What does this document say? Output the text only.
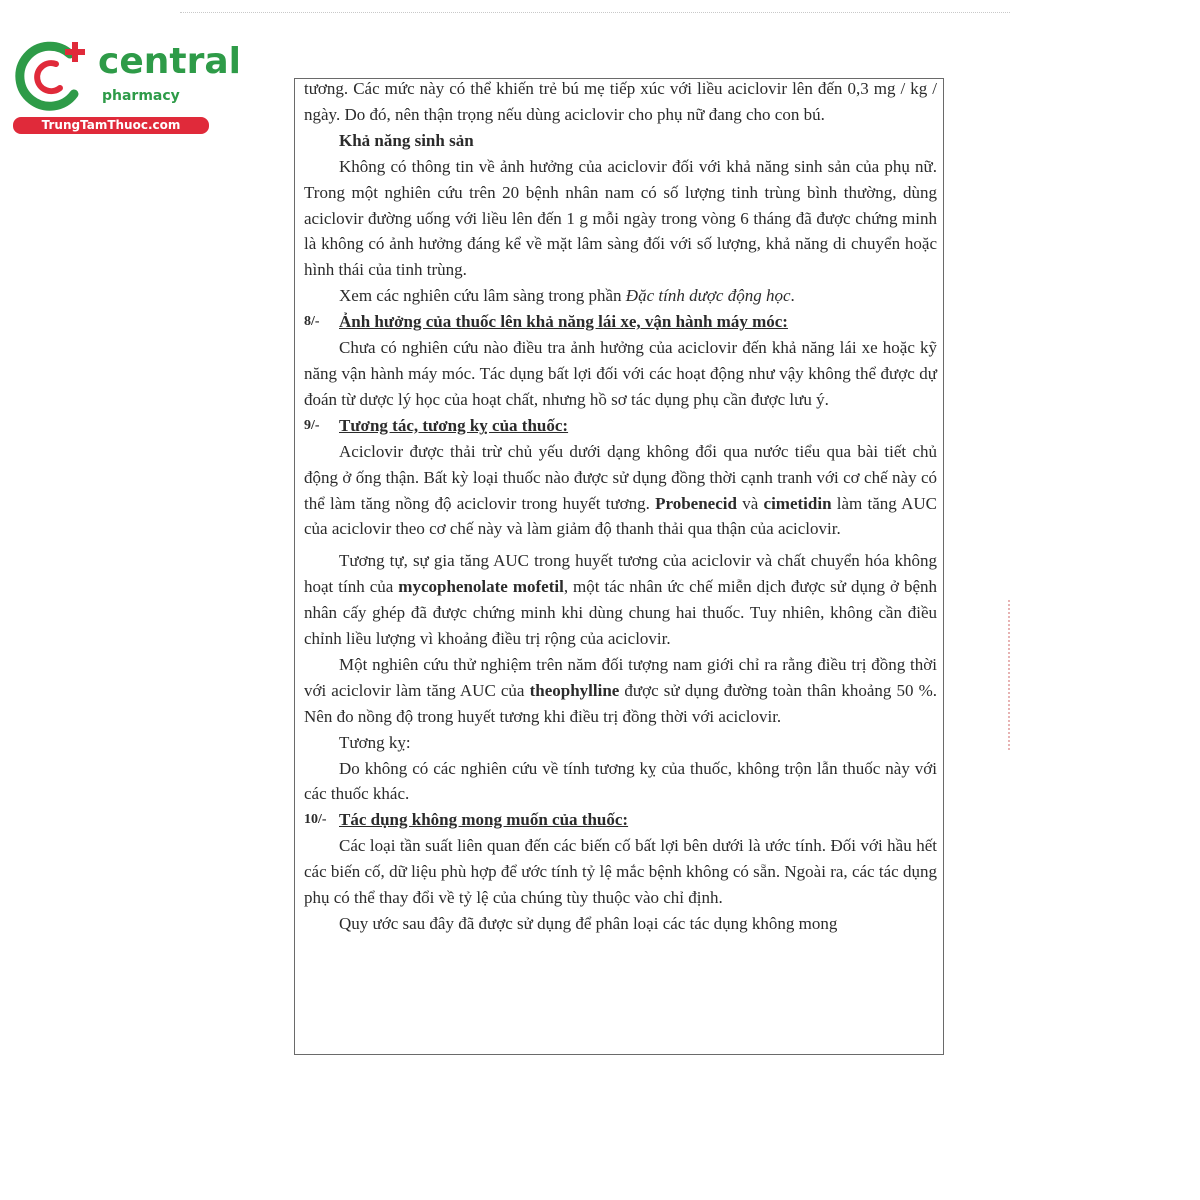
central
pharmacy
TrungTamThuoc.com

tương. Các mức này có thể khiến trẻ bú mẹ tiếp xúc với liều aciclovir lên đến 0,3 mg / kg / ngày. Do đó, nên thận trọng nếu dùng aciclovir cho phụ nữ đang cho con bú.

Khả năng sinh sản

Không có thông tin về ảnh hưởng của aciclovir đối với khả năng sinh sản của phụ nữ. Trong một nghiên cứu trên 20 bệnh nhân nam có số lượng tinh trùng bình thường, dùng aciclovir đường uống với liều lên đến 1 g mỗi ngày trong vòng 6 tháng đã được chứng minh là không có ảnh hưởng đáng kể về mặt lâm sàng đối với số lượng, khả năng di chuyển hoặc hình thái của tinh trùng.

Xem các nghiên cứu lâm sàng trong phần Đặc tính dược động học.

8/- Ảnh hưởng của thuốc lên khả năng lái xe, vận hành máy móc:

Chưa có nghiên cứu nào điều tra ảnh hưởng của aciclovir đến khả năng lái xe hoặc kỹ năng vận hành máy móc. Tác dụng bất lợi đối với các hoạt động như vậy không thể được dự đoán từ dược lý học của hoạt chất, nhưng hồ sơ tác dụng phụ cần được lưu ý.

9/- Tương tác, tương kỵ của thuốc:

Aciclovir được thải trừ chủ yếu dưới dạng không đổi qua nước tiểu qua bài tiết chủ động ở ống thận. Bất kỳ loại thuốc nào được sử dụng đồng thời cạnh tranh với cơ chế này có thể làm tăng nồng độ aciclovir trong huyết tương. Probenecid và cimetidin làm tăng AUC của aciclovir theo cơ chế này và làm giảm độ thanh thải qua thận của aciclovir.

Tương tự, sự gia tăng AUC trong huyết tương của aciclovir và chất chuyển hóa không hoạt tính của mycophenolate mofetil, một tác nhân ức chế miễn dịch được sử dụng ở bệnh nhân cấy ghép đã được chứng minh khi dùng chung hai thuốc. Tuy nhiên, không cần điều chỉnh liều lượng vì khoảng điều trị rộng của aciclovir.

Một nghiên cứu thử nghiệm trên năm đối tượng nam giới chỉ ra rằng điều trị đồng thời với aciclovir làm tăng AUC của theophylline được sử dụng đường toàn thân khoảng 50 %. Nên đo nồng độ trong huyết tương khi điều trị đồng thời với aciclovir.

Tương kỵ:

Do không có các nghiên cứu về tính tương kỵ của thuốc, không trộn lẫn thuốc này với các thuốc khác.

10/- Tác dụng không mong muốn của thuốc:

Các loại tần suất liên quan đến các biến cố bất lợi bên dưới là ước tính. Đối với hầu hết các biến cố, dữ liệu phù hợp để ước tính tỷ lệ mắc bệnh không có sẵn. Ngoài ra, các tác dụng phụ có thể thay đổi về tỷ lệ của chúng tùy thuộc vào chỉ định.

Quy ước sau đây đã được sử dụng để phân loại các tác dụng không mong
